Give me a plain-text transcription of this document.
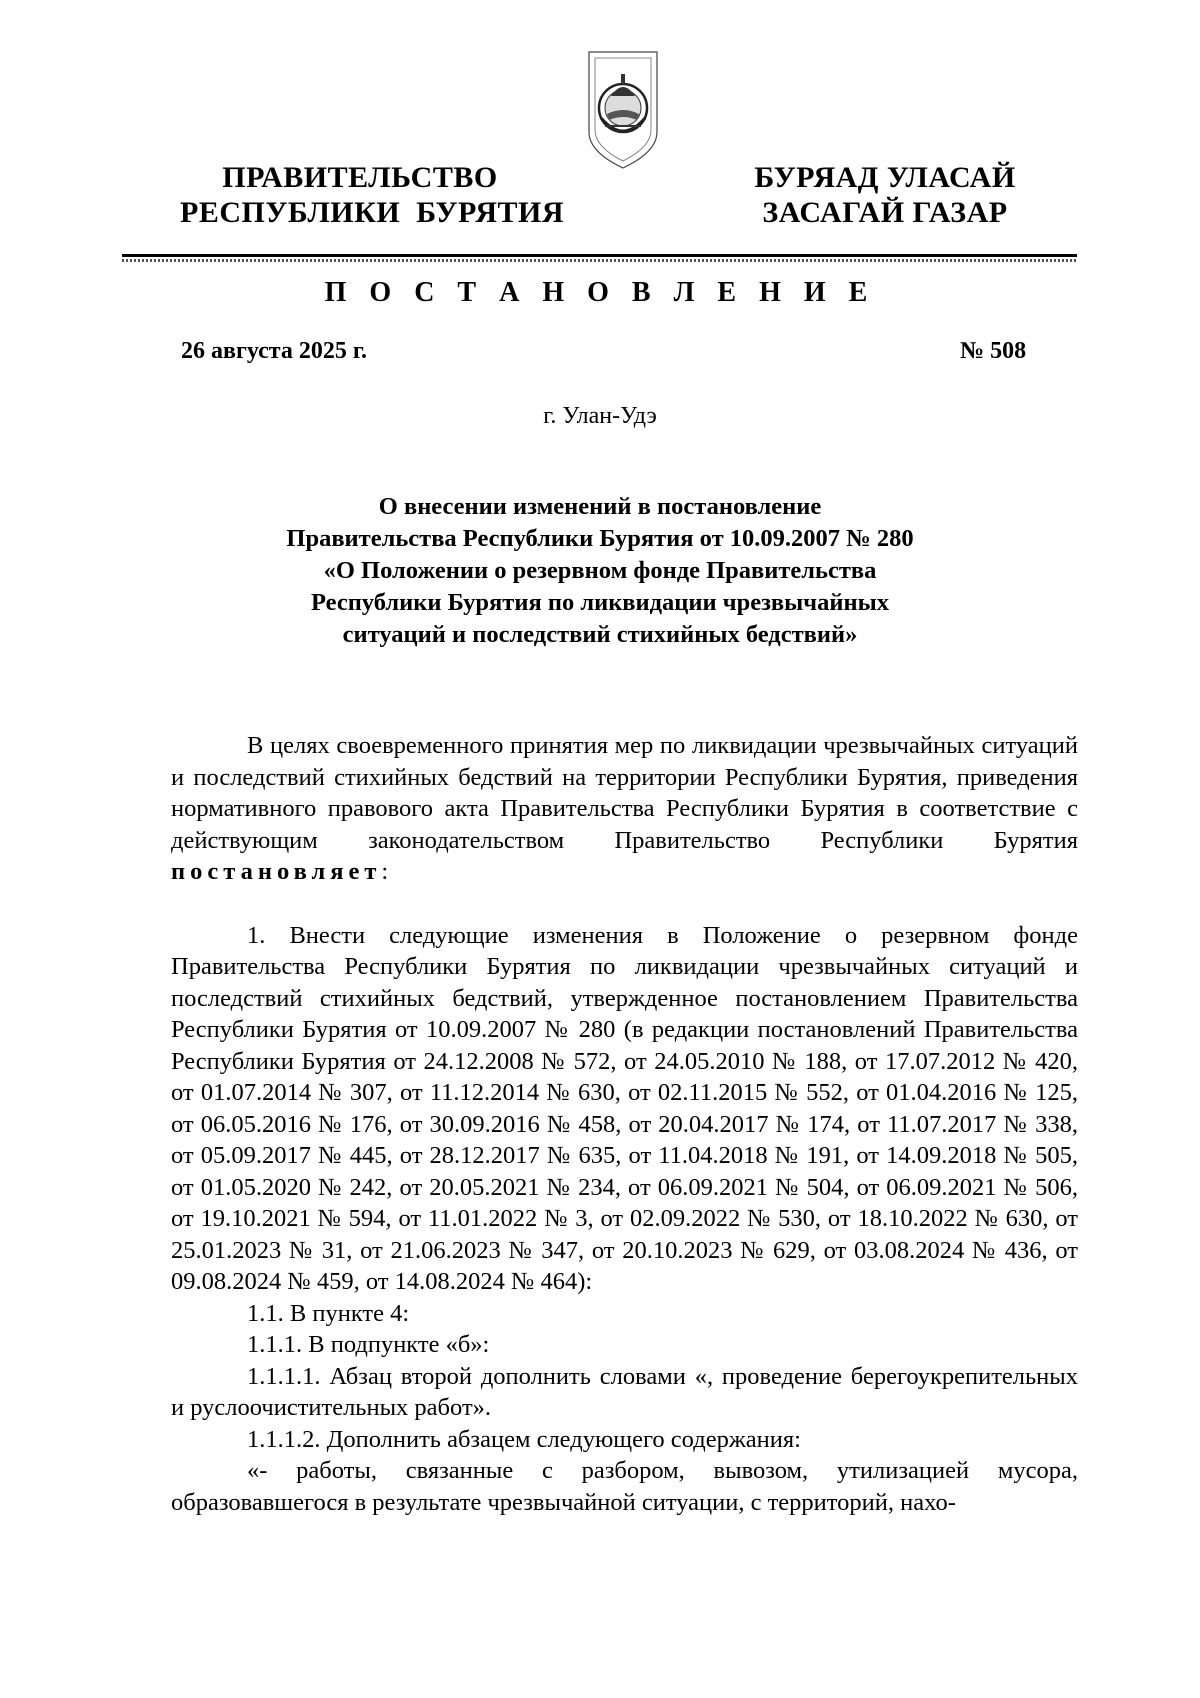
ПРАВИТЕЛЬСТВО
РЕСПУБЛИКИ  БУРЯТИЯ
БУРЯАД УЛАСАЙ
ЗАСАГАЙ ГАЗАР
П О С Т А Н О В Л Е Н И Е
26 августа 2025 г.	№ 508
г. Улан-Удэ
О внесении изменений в постановление
Правительства Республики Бурятия от 10.09.2007 № 280
«О Положении о резервном фонде Правительства
Республики Бурятия по ликвидации чрезвычайных
ситуаций и последствий стихийных бедствий»

В целях своевременного принятия мер по ликвидации чрезвычайных ситуаций и последствий стихийных бедствий на территории Республики Бурятия, приведения нормативного правового акта Правительства Республики Бурятия в соответствие с действующим законодательством Правительство Республики Бурятия постановляет:

1. Внести следующие изменения в Положение о резервном фонде Правительства Республики Бурятия по ликвидации чрезвычайных ситуаций и последствий стихийных бедствий, утвержденное постановлением Правительства Республики Бурятия от 10.09.2007 № 280 (в редакции постановлений Правительства Республики Бурятия от 24.12.2008 № 572, от 24.05.2010 № 188, от 17.07.2012 № 420, от 01.07.2014 № 307, от 11.12.2014 № 630, от 02.11.2015 № 552, от 01.04.2016 № 125, от 06.05.2016 № 176, от 30.09.2016 № 458, от 20.04.2017 № 174, от 11.07.2017 № 338, от 05.09.2017 № 445, от 28.12.2017 № 635, от 11.04.2018 № 191, от 14.09.2018 № 505, от 01.05.2020 № 242, от 20.05.2021 № 234, от 06.09.2021 № 504, от 06.09.2021 № 506, от 19.10.2021 № 594, от 11.01.2022 № 3, от 02.09.2022 № 530, от 18.10.2022 № 630, от 25.01.2023 № 31, от 21.06.2023 № 347, от 20.10.2023 № 629, от 03.08.2024 № 436, от 09.08.2024 № 459, от 14.08.2024 № 464):

1.1. В пункте 4:

1.1.1. В подпункте «б»:

1.1.1.1. Абзац второй дополнить словами «, проведение берегоукрепительных и руслоочистительных работ».

1.1.1.2. Дополнить абзацем следующего содержания:

«- работы, связанные с разбором, вывозом, утилизацией мусора, образовавшегося в результате чрезвычайной ситуации, с территорий, нахо-
